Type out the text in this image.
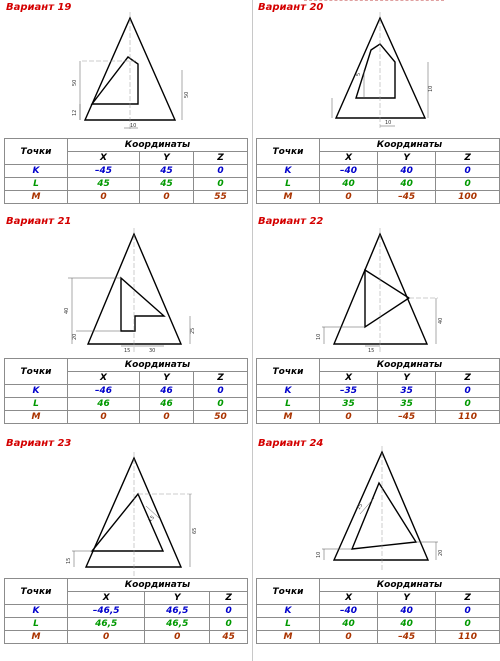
Вариант 19
50
50
12
10
Точки	Координаты		
	X	Y	Z
K	–45	45	0
L	45	45	0
M	0	0	55
Вариант 20
5
10
10
Точки	Координаты		
	X	Y	Z
K	–40	40	0
L	40	40	0
M	0	–45	100
Вариант 21
40
20
25
15	30
Точки	Координаты		
	X	Y	Z
K	–46	46	0
L	46	46	0
M	0	0	50
Вариант 22
40
10
15
Точки	Координаты		
	X	Y	Z
K	–35	35	0
L	35	35	0
M	0	–45	110
Вариант 23
65
15
15
Точки	Координаты		
	X	Y	Z
K	–46,5	46,5	0
L	46,5	46,5	0
M	0	0	45
Вариант 24
15
10	20
Точки	Координаты		
	X	Y	Z
K	–40	40	0
L	40	40	0
M	0	–45	110
